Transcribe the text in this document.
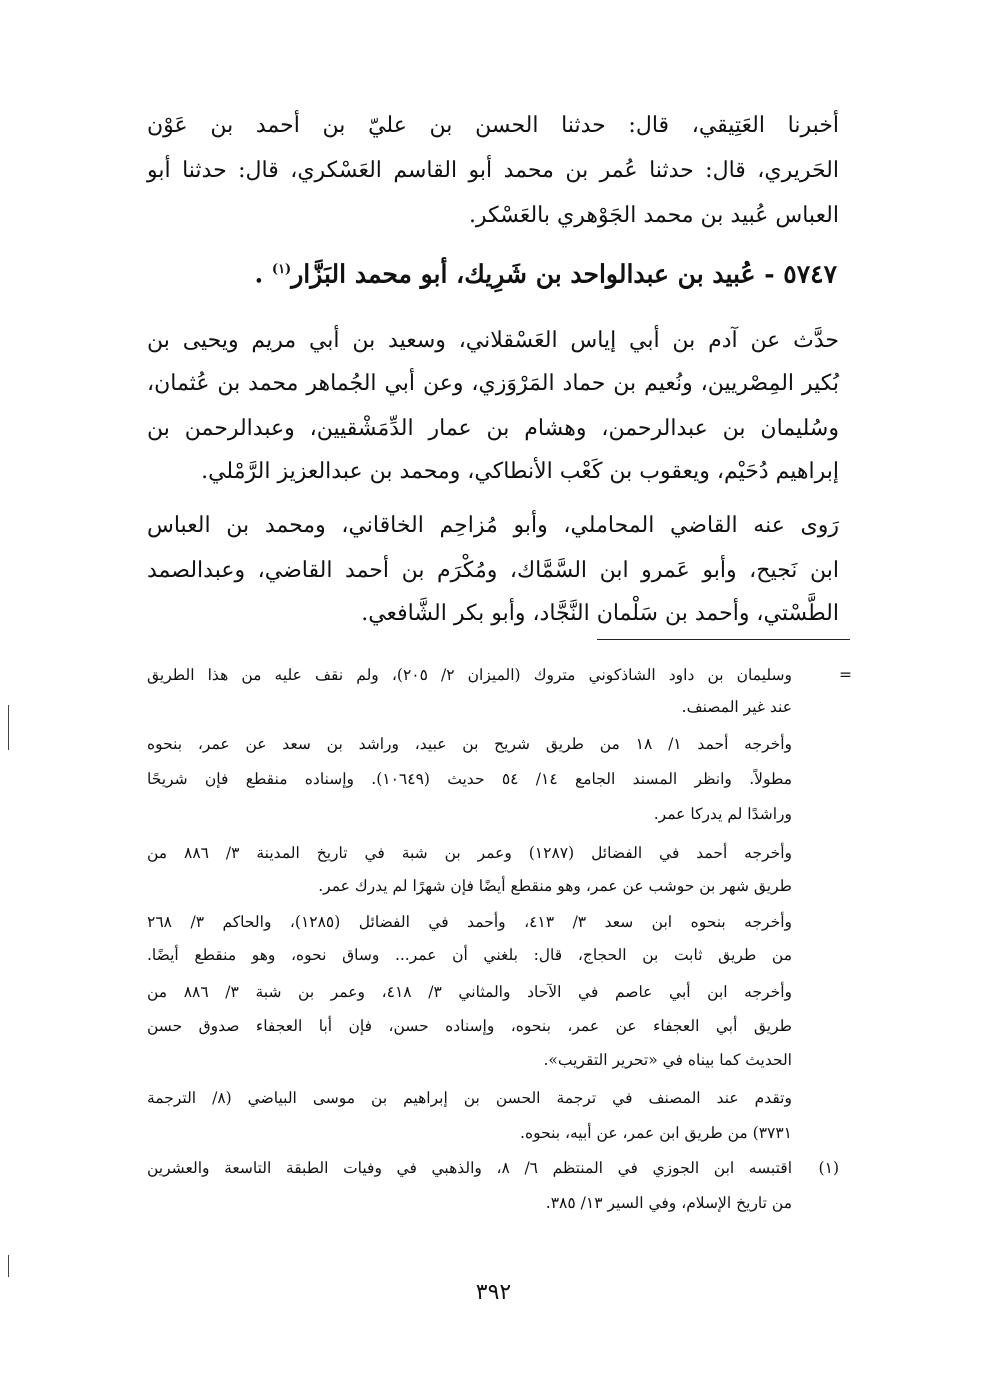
أخبرنا العَتِيقي، قال: حدثنا الحسن بن عليّ بن أحمد بن عَوْن
الحَريري، قال: حدثنا عُمر بن محمد أبو القاسم العَسْكري، قال: حدثنا أبو
العباس عُبيد بن محمد الجَوْهري بالعَسْكر.
٥٧٤٧ - عُبيد بن عبدالواحد بن شَرِيك، أبو محمد البَزَّار$^{(١)}$ .
حدَّث عن آدم بن أبي إياس العَسْقلاني، وسعيد بن أبي مريم ويحيى بن
بُكير المِصْريين، ونُعيم بن حماد المَرْوَزي، وعن أبي الجُماهر محمد بن عُثمان،
وسُليمان بن عبدالرحمن، وهشام بن عمار الدِّمَشْقيين، وعبدالرحمن بن
إبراهيم دُحَيْم، ويعقوب بن كَعْب الأنطاكي، ومحمد بن عبدالعزيز الرَّمْلي.
رَوى عنه القاضي المحاملي، وأبو مُزاحِم الخاقاني، ومحمد بن العباس
ابن نَجيح، وأبو عَمرو ابن السَّمَّاك، ومُكْرَم بن أحمد القاضي، وعبدالصمد
الطَّسْتي، وأحمد بن سَلْمان النَّجَّاد، وأبو بكر الشَّافعي.
=
وسليمان بن داود الشاذكوني متروك (الميزان ٢/ ٢٠٥)، ولم نقف عليه من هذا الطريق
عند غير المصنف.
وأخرجه أحمد ١/ ١٨ من طريق شريح بن عبيد، وراشد بن سعد عن عمر، بنحوه
مطولاً. وانظر المسند الجامع ١٤/ ٥٤ حديث (١٠٦٤٩). وإسناده منقطع فإن شريحًا
وراشدًا لم يدركا عمر.
وأخرجه أحمد في الفضائل (١٢٨٧) وعمر بن شبة في تاريخ المدينة ٣/ ٨٨٦ من
طريق شهر بن حوشب عن عمر، وهو منقطع أيضًا فإن شهرًا لم يدرك عمر.
وأخرجه بنحوه ابن سعد ٣/ ٤١٣، وأحمد في الفضائل (١٢٨٥)، والحاكم ٣/ ٢٦٨
من طريق ثابت بن الحجاج، قال: بلغني أن عمر... وساق نحوه، وهو منقطع أيضًا.
وأخرجه ابن أبي عاصم في الآحاد والمثاني ٣/ ٤١٨، وعمر بن شبة ٣/ ٨٨٦ من
طريق أبي العجفاء عن عمر، بنحوه، وإسناده حسن، فإن أبا العجفاء صدوق حسن
الحديث كما بيناه في «تحرير التقريب».
وتقدم عند المصنف في ترجمة الحسن بن إبراهيم بن موسى البياضي (٨/ الترجمة
٣٧٣١) من طريق ابن عمر، عن أبيه، بنحوه.
(١)
اقتبسه ابن الجوزي في المنتظم ٦/ ٨، والذهبي في وفيات الطبقة التاسعة والعشرين
من تاريخ الإسلام، وفي السير ١٣/ ٣٨٥.
٣٩٢
